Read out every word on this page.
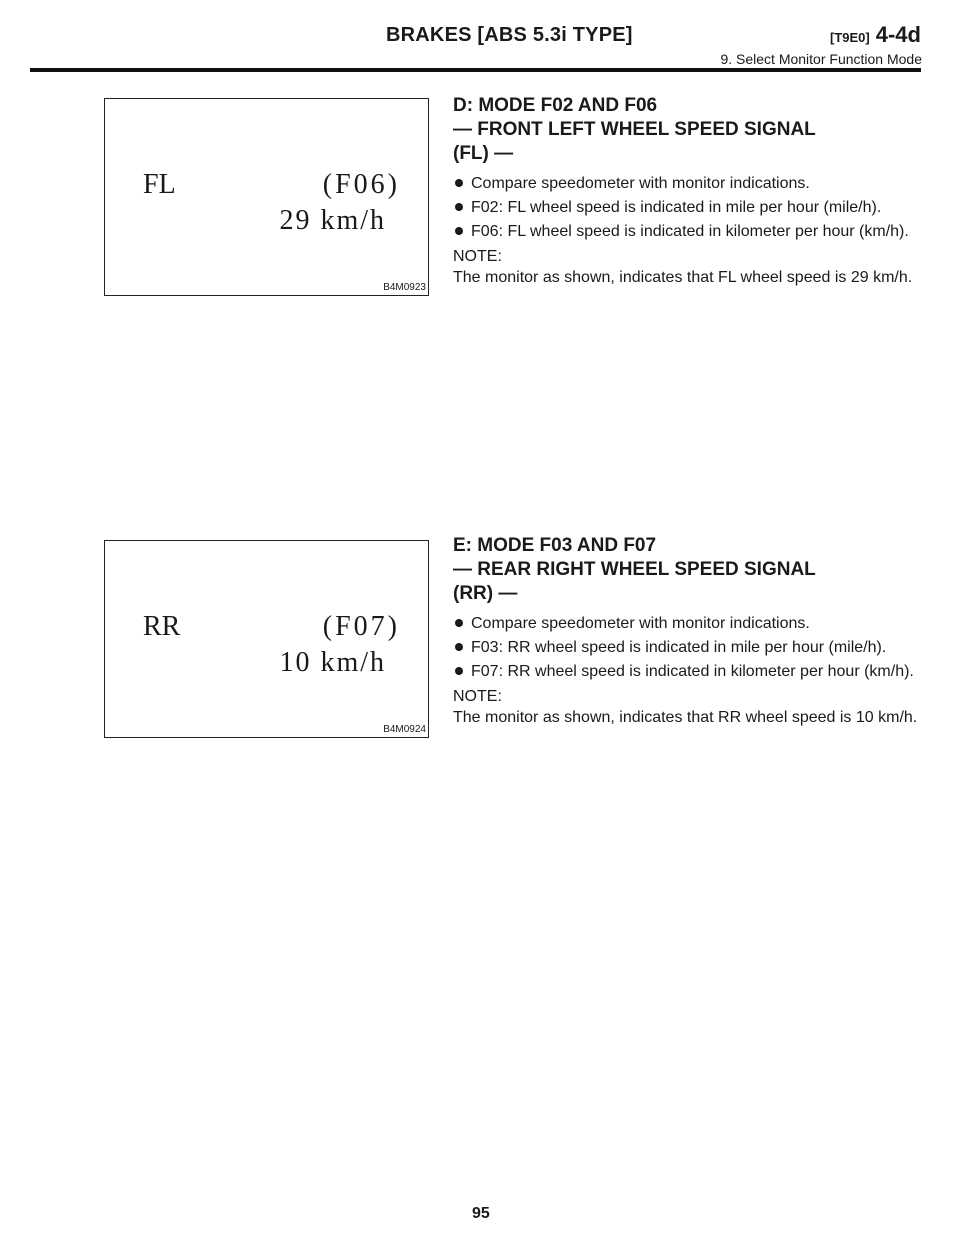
BRAKES [ABS 5.3i TYPE]	[T9E0] 4-4d
9. Select Monitor Function Mode
FL	(F06)
29 km/h
B4M0923
RR	(F07)
10 km/h
B4M0924
D: MODE F02 AND F06
— FRONT LEFT WHEEL SPEED SIGNAL
(FL) —
Compare speedometer with monitor indications.
F02: FL wheel speed is indicated in mile per hour (mile/h).
F06: FL wheel speed is indicated in kilometer per hour (km/h).
NOTE:
The monitor as shown, indicates that FL wheel speed is 29 km/h.
E: MODE F03 AND F07
— REAR RIGHT WHEEL SPEED SIGNAL
(RR) —
Compare speedometer with monitor indications.
F03: RR wheel speed is indicated in mile per hour (mile/h).
F07: RR wheel speed is indicated in kilometer per hour (km/h).
NOTE:
The monitor as shown, indicates that RR wheel speed is 10 km/h.
95
